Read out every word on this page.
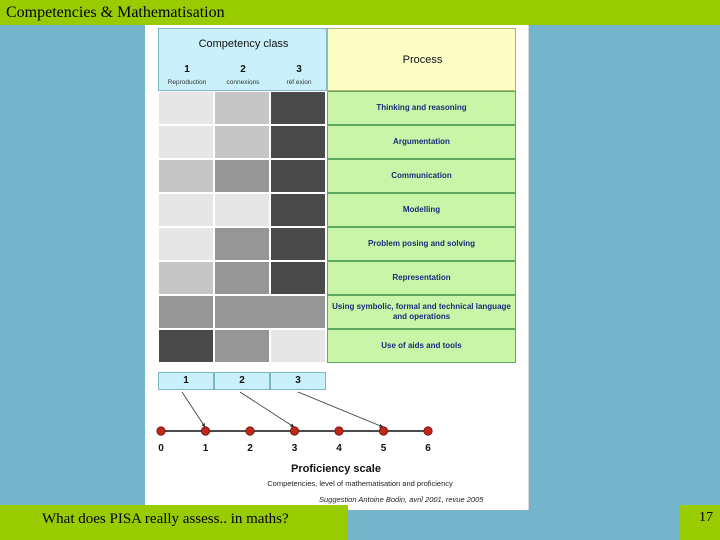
Competencies & Mathematisation
Competency class
1	2	3
Reproduction	connexions	réf exion
Process
Thinking and reasoning
Argumentation
Communication
Modelling
Problem posing and solving
Representation
Using symbolic, formal and technical language and operations
Use of aids and tools
1	2	3
0	1	2	3	4	5	6
Proficiency scale
Competencies, level of mathematisation and proficiency
Suggestion Antoine Bodin, avril 2001, revue 2005
What does PISA really assess.. in maths?	17
